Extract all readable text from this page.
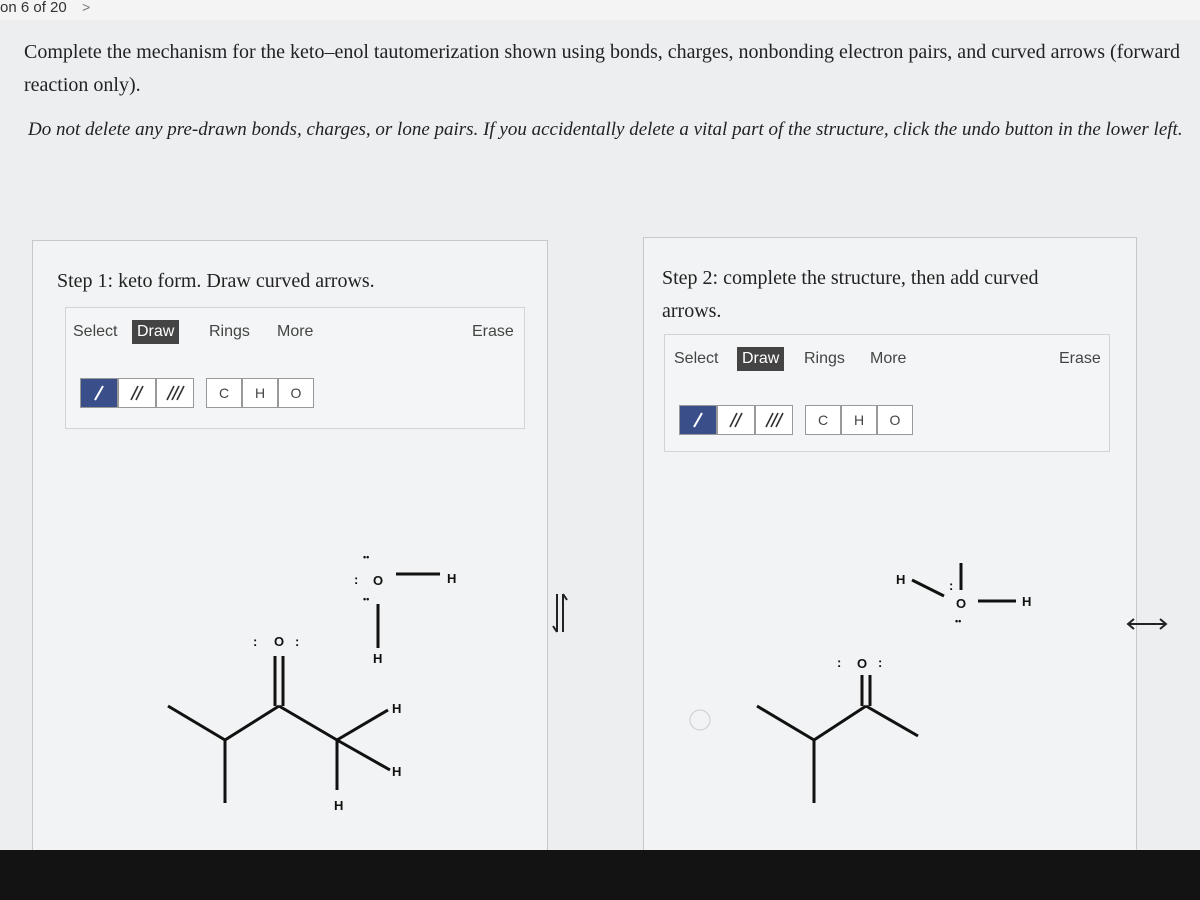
on 6 of 20 >
Complete the mechanism for the keto–enol tautomerization shown using bonds, charges, nonbonding electron pairs, and curved arrows (forward reaction only).
Do not delete any pre-drawn bonds, charges, or lone pairs. If you accidentally delete a vital part of the structure, click the undo button in the lower left.
Step 1: keto form. Draw curved arrows.
Select	Draw	Rings	More	Erase
C H O
Step 2: complete the structure, then add curved arrows.
Select	Draw	Rings	More	Erase
C H O
: O :
H
H
H
:
••
O
••
H
H	: O :
H
O
:
H
••
